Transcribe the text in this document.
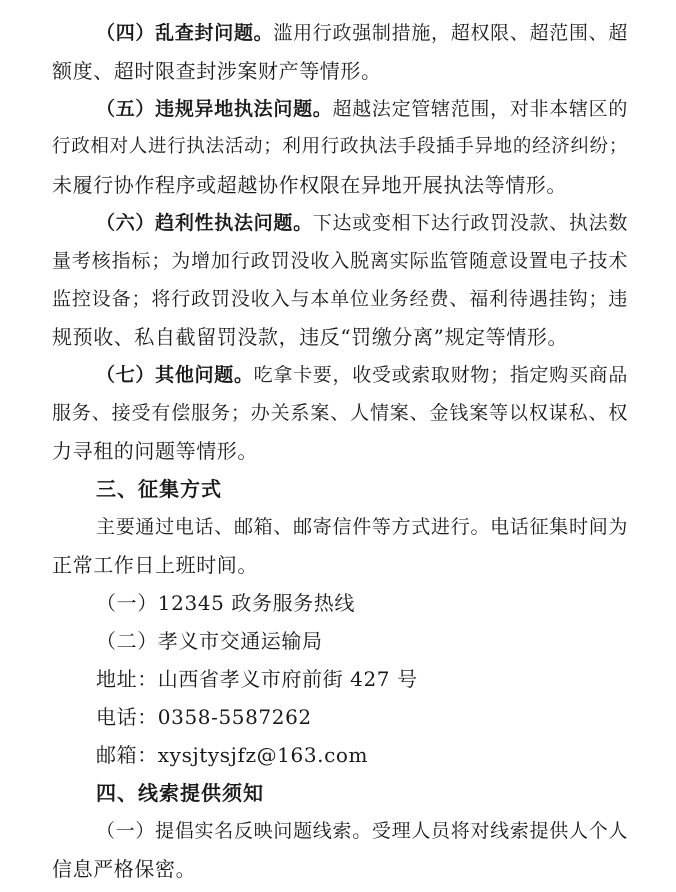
（四）乱查封问题。滥用行政强制措施，超权限、超范围、超
额度、超时限查封涉案财产等情形。
（五）违规异地执法问题。超越法定管辖范围，对非本辖区的
行政相对人进行执法活动；利用行政执法手段插手异地的经济纠纷；
未履行协作程序或超越协作权限在异地开展执法等情形。
（六）趋利性执法问题。下达或变相下达行政罚没款、执法数
量考核指标；为增加行政罚没收入脱离实际监管随意设置电子技术
监控设备；将行政罚没收入与本单位业务经费、福利待遇挂钩；违
规预收、私自截留罚没款，违反“罚缴分离”规定等情形。
（七）其他问题。吃拿卡要，收受或索取财物；指定购买商品
服务、接受有偿服务；办关系案、人情案、金钱案等以权谋私、权
力寻租的问题等情形。
三、征集方式
主要通过电话、邮箱、邮寄信件等方式进行。电话征集时间为
正常工作日上班时间。
（一）12345 政务服务热线
（二）孝义市交通运输局
地址：山西省孝义市府前街 427 号
电话：0358-5587262
邮箱：xysjtysjfz@163.com
四、线索提供须知
（一）提倡实名反映问题线索。受理人员将对线索提供人个人
信息严格保密。
